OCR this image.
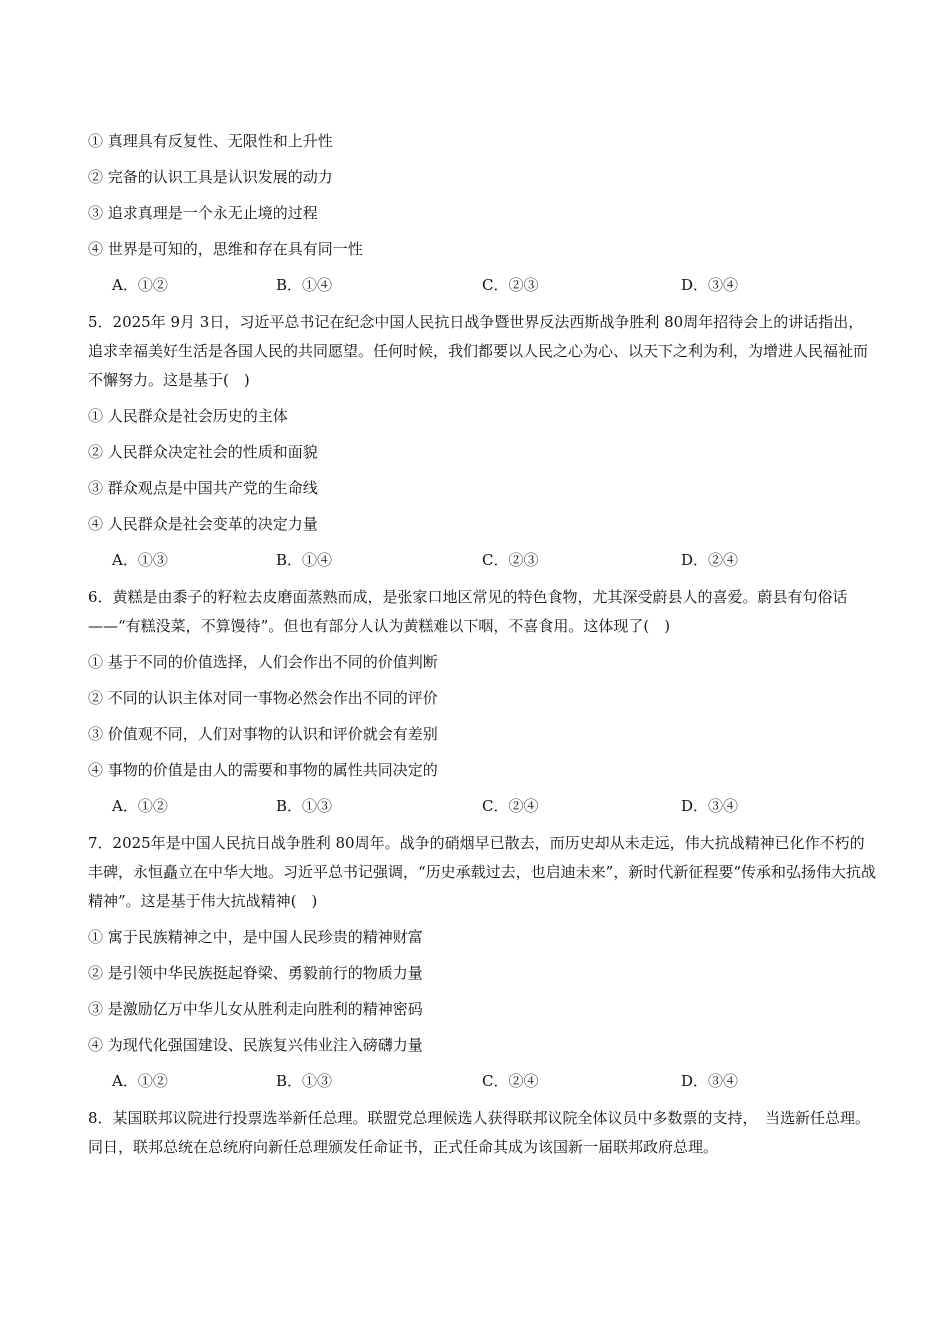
① 真理具有反复性、无限性和上升性
② 完备的认识工具是认识发展的动力
③ 追求真理是一个永无止境的过程
④ 世界是可知的，思维和存在具有同一性
A．①②	B．①④	C．②③	D．③④
5．2025年 9月 3日，习近平总书记在纪念中国人民抗日战争暨世界反法西斯战争胜利 80周年招待会上的讲话指出，追求幸福美好生活是各国人民的共同愿望。任何时候，我们都要以人民之心为心、以天下之利为利，为增进人民福祉而不懈努力。这是基于(　)
① 人民群众是社会历史的主体
② 人民群众决定社会的性质和面貌
③ 群众观点是中国共产党的生命线
④ 人民群众是社会变革的决定力量
A．①③	B．①④	C．②③	D．②④
6．黄糕是由黍子的籽粒去皮磨面蒸熟而成，是张家口地区常见的特色食物，尤其深受蔚县人的喜爱。蔚县有句俗话——“有糕没菜，不算馒待”。但也有部分人认为黄糕难以下咽，不喜食用。这体现了(　)
① 基于不同的价值选择，人们会作出不同的价值判断
② 不同的认识主体对同一事物必然会作出不同的评价
③ 价值观不同，人们对事物的认识和评价就会有差别
④ 事物的价值是由人的需要和事物的属性共同决定的
A．①②	B．①③	C．②④	D．③④
7．2025年是中国人民抗日战争胜利 80周年。战争的硝烟早已散去，而历史却从未走远，伟大抗战精神已化作不朽的丰碑，永恒矗立在中华大地。习近平总书记强调，“历史承载过去，也启迪未来”，新时代新征程要“传承和弘扬伟大抗战精神”。这是基于伟大抗战精神(　)
① 寓于民族精神之中，是中国人民珍贵的精神财富
② 是引领中华民族挺起脊梁、勇毅前行的物质力量
③ 是激励亿万中华儿女从胜利走向胜利的精神密码
④ 为现代化强国建设、民族复兴伟业注入磅礴力量
A．①②	B．①③	C．②④	D．③④
8．某国联邦议院进行投票选举新任总理。联盟党总理候选人获得联邦议院全体议员中多数票的支持，　当选新任总理。同日，联邦总统在总统府向新任总理颁发任命证书，正式任命其成为该国新一届联邦政府总理。
